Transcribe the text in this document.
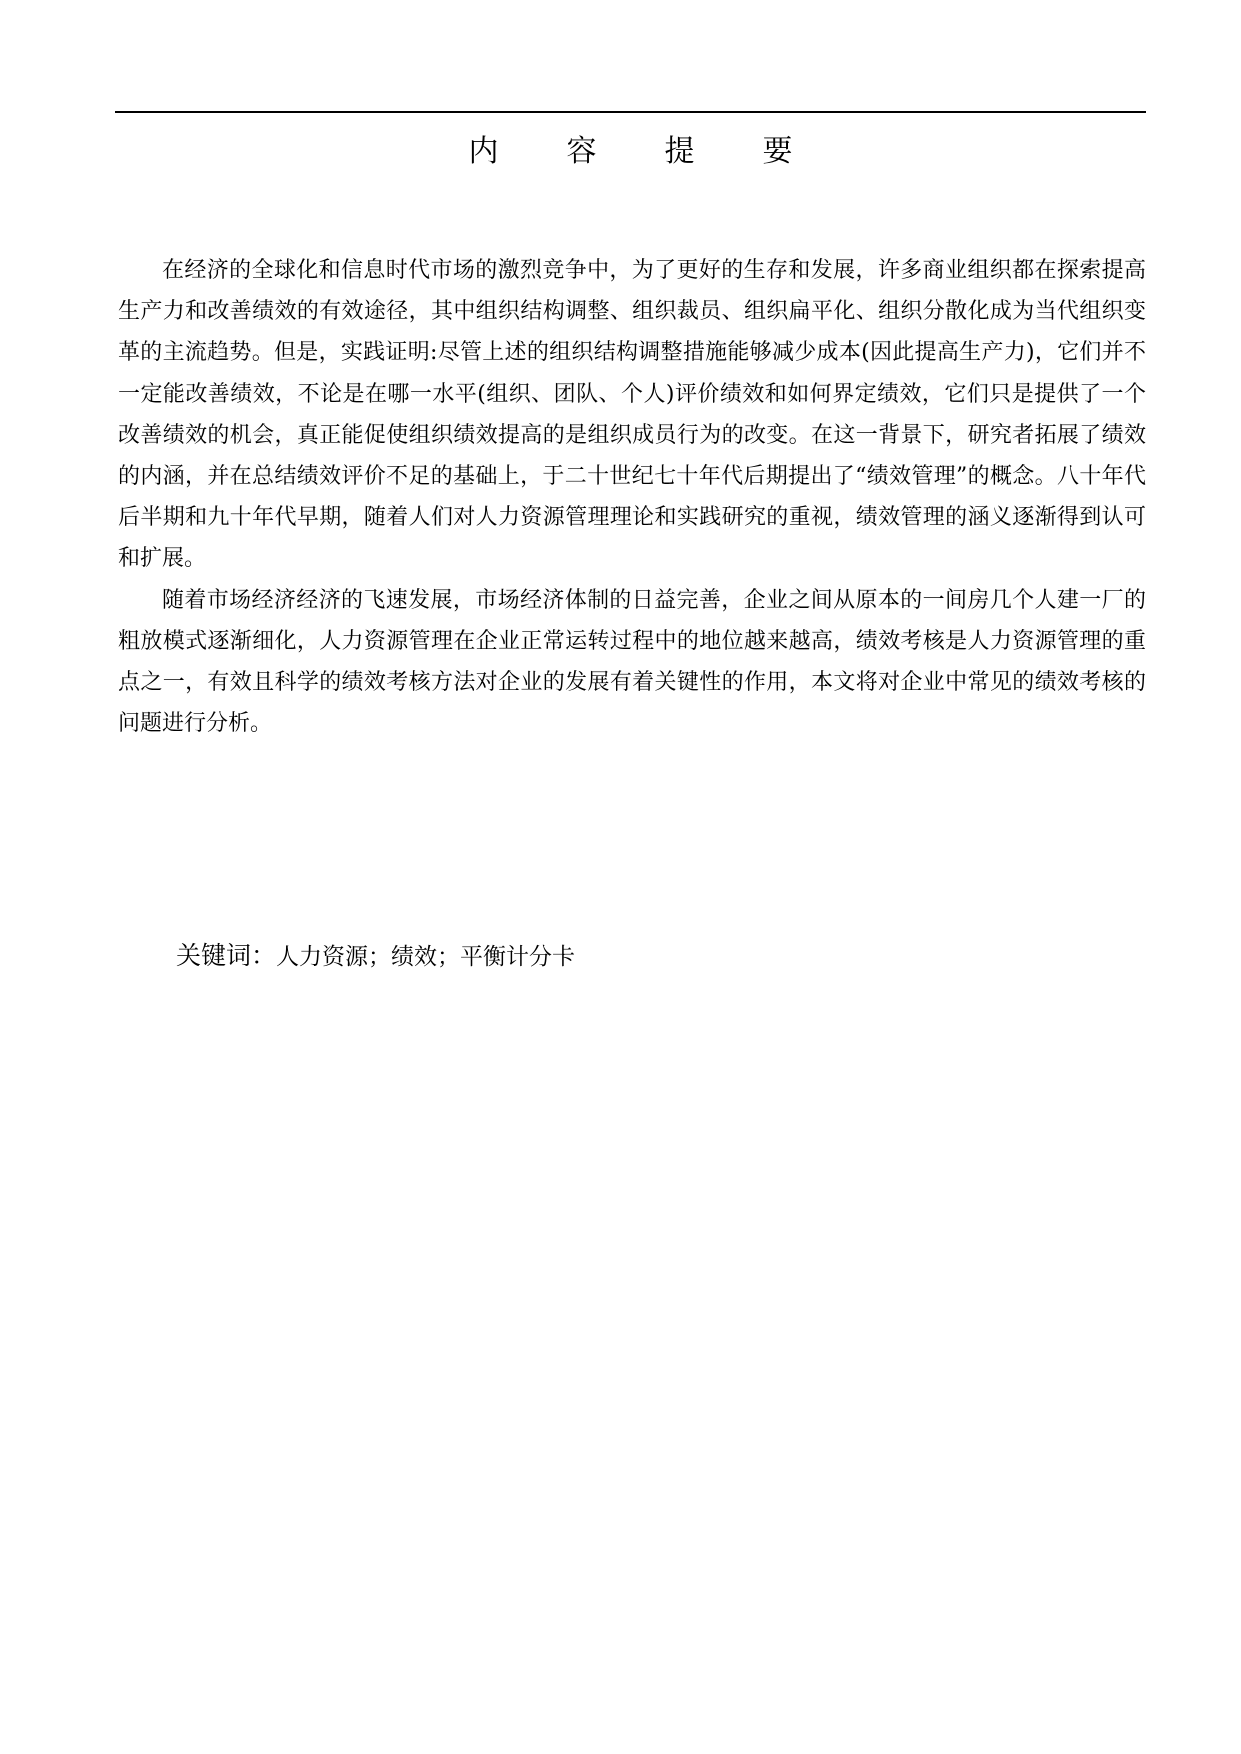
内 容 提 要

在经济的全球化和信息时代市场的激烈竞争中，为了更好的生存和发展，许多商业组织都在探索提高生产力和改善绩效的有效途径，其中组织结构调整、组织裁员、组织扁平化、组织分散化成为当代组织变革的主流趋势。但是，实践证明:尽管上述的组织结构调整措施能够减少成本(因此提高生产力)，它们并不一定能改善绩效，不论是在哪一水平(组织、团队、个人)评价绩效和如何界定绩效，它们只是提供了一个改善绩效的机会，真正能促使组织绩效提高的是组织成员行为的改变。在这一背景下，研究者拓展了绩效的内涵，并在总结绩效评价不足的基础上，于二十世纪七十年代后期提出了“绩效管理”的概念。八十年代后半期和九十年代早期，随着人们对人力资源管理理论和实践研究的重视，绩效管理的涵义逐渐得到认可和扩展。

随着市场经济经济的飞速发展，市场经济体制的日益完善，企业之间从原本的一间房几个人建一厂的粗放模式逐渐细化，人力资源管理在企业正常运转过程中的地位越来越高，绩效考核是人力资源管理的重点之一，有效且科学的绩效考核方法对企业的发展有着关键性的作用，本文将对企业中常见的绩效考核的问题进行分析。

关键词：人力资源；绩效；平衡计分卡
